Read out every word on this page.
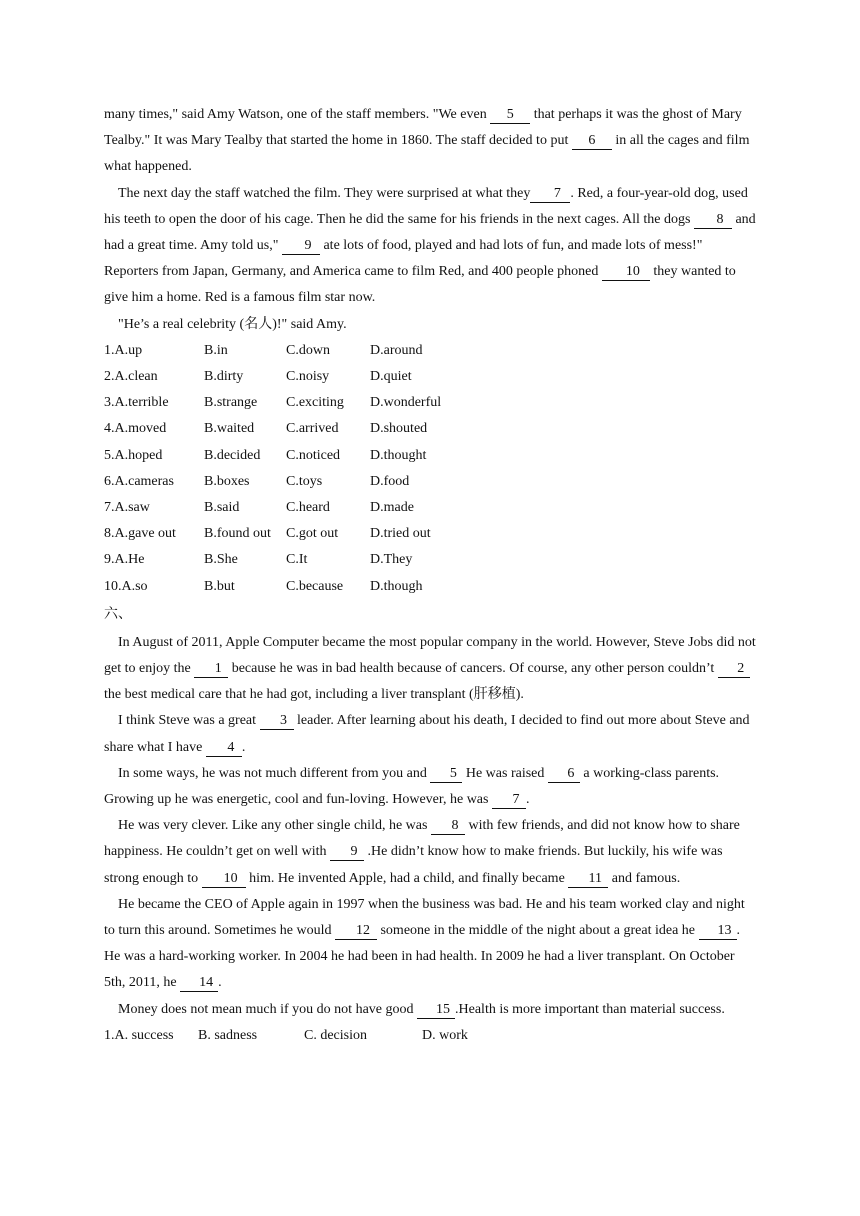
many times," said Amy Watson, one of the staff members. "We even 5 that perhaps it was the ghost of Mary Tealby." It was Mary Tealby that started the home in 1860. The staff decided to put 6 in all the cages and film what happened.

The next day the staff watched the film. They were surprised at what they 7 . Red, a four-year-old dog, used his teeth to open the door of his cage. Then he did the same for his friends in the next cages. All the dogs 8 and had a great time. Amy told us," 9 ate lots of food, played and had lots of fun, and made lots of mess!" Reporters from Japan, Germany, and America came to film Red, and 400 people phoned 10 they wanted to give him a home. Red is a famous film star now.

"He’s a real celebrity (名人)!" said Amy.

1.A.up	B.in	C.down	D.around
2.A.clean	B.dirty	C.noisy	D.quiet
3.A.terrible	B.strange C.exciting D.wonderful
4.A.moved	B.waited C.arrived D.shouted
5.A.hoped	B.decided C.noticed D.thought
6.A.cameras B.boxes	C.toys	D.food
7.A.saw	B.said	C.heard	D.made
8.A.gave out B.found out C.got out D.tried out
9.A.He	B.She	C.It	D.They
10.A.so	B.but	C.because D.though
六、

In August of 2011, Apple Computer became the most popular company in the world. However, Steve Jobs did not get to enjoy the 1 because he was in bad health because of cancers. Of course, any other person couldn’t 2 the best medical care that he had got, including a liver transplant (肝移植).

I think Steve was a great 3 leader. After learning about his death, I decided to find out more about Steve and share what I have 4 .

In some ways, he was not much different from you and 5 He was raised 6 a working-class parents. Growing up he was energetic, cool and fun-loving. However, he was 7 .

He was very clever. Like any other single child, he was 8 with few friends, and did not know how to share happiness. He couldn’t get on well with 9 .He didn’t know how to make friends. But luckily, his wife was strong enough to 10 him. He invented Apple, had a child, and finally became 11 and famous.

He became the CEO of Apple again in 1997 when the business was bad. He and his team worked clay and night to turn this around. Sometimes he would 12 someone in the middle of the night about a great idea he 13 . He was a hard-working worker. In 2004 he had been in had health. In 2009 he had a liver transplant. On October 5th, 2011, he 14 .

Money does not mean much if you do not have good 15 .Health is more important than material success.

1.A. success B. sadness	C. decision	D. work
